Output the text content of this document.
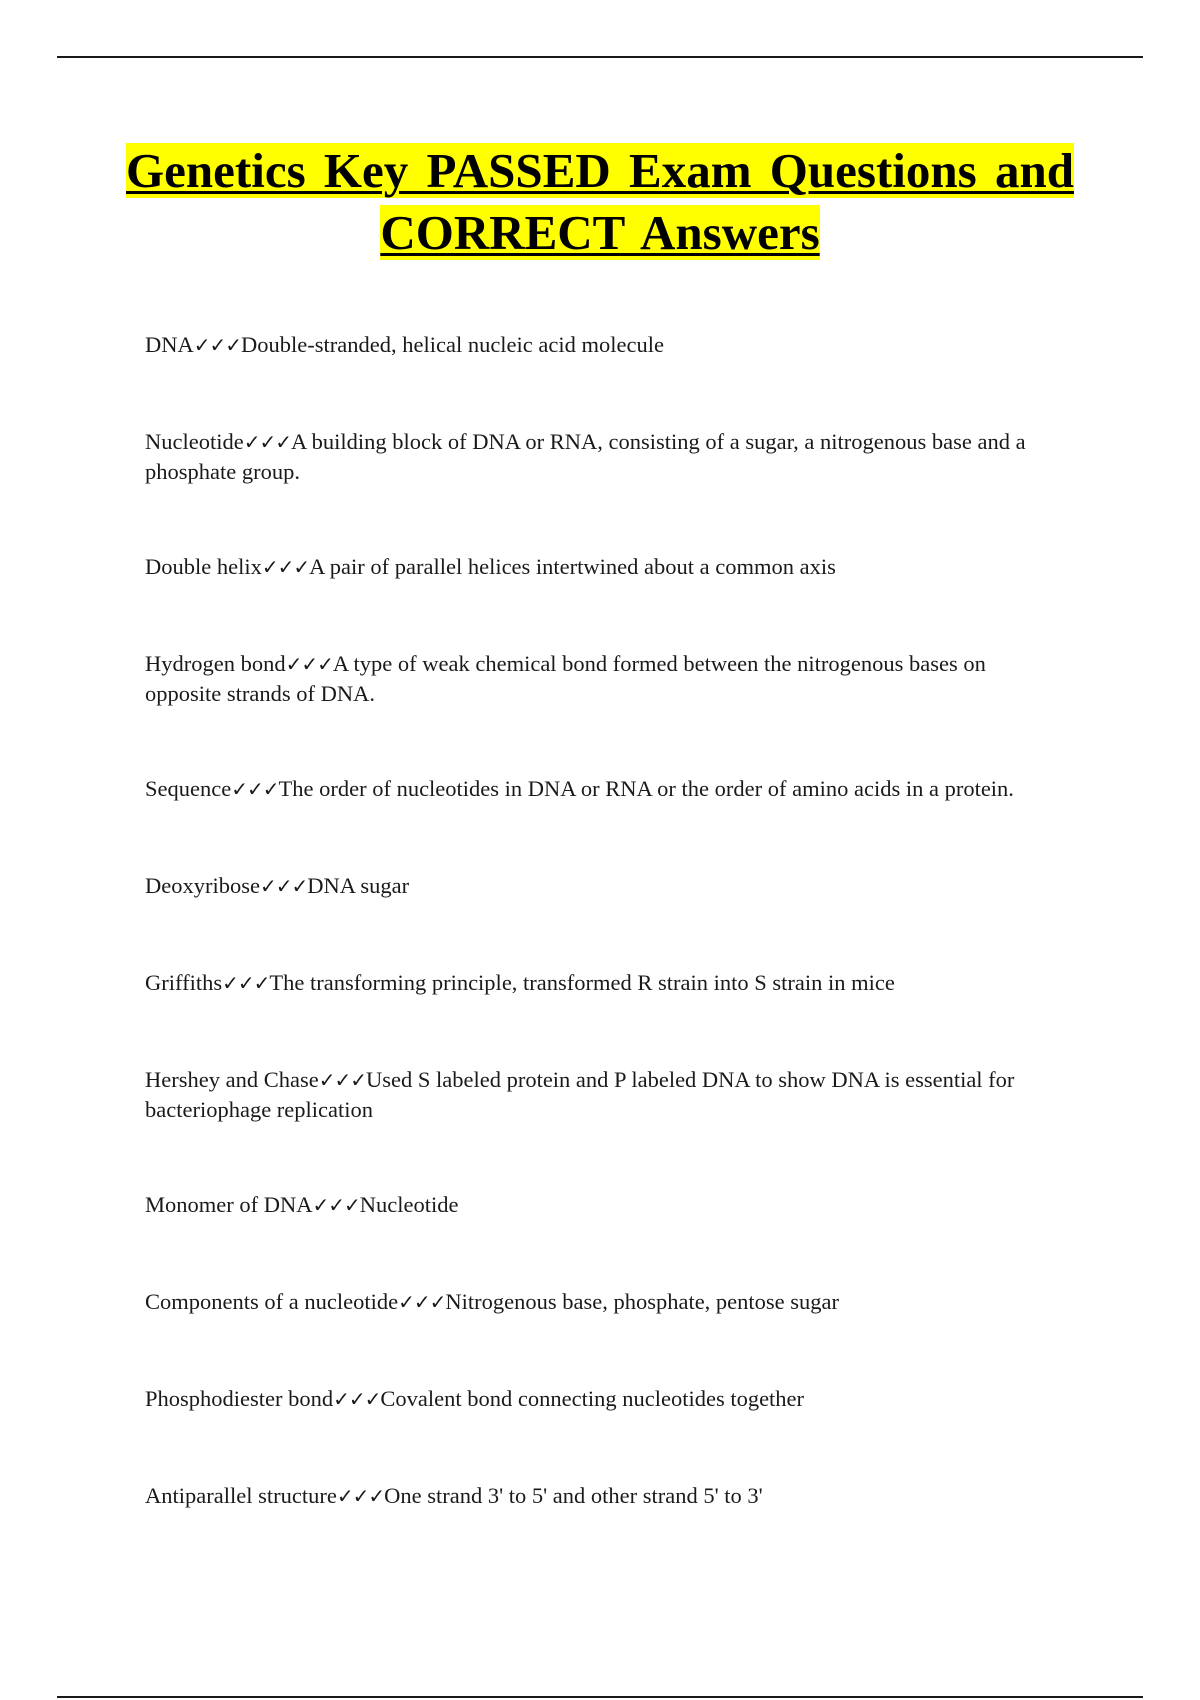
Genetics Key PASSED Exam Questions and CORRECT Answers
DNA✓✓✓Double-stranded, helical nucleic acid molecule
Nucleotide✓✓✓A building block of DNA or RNA, consisting of a sugar, a nitrogenous base and a phosphate group.
Double helix✓✓✓A pair of parallel helices intertwined about a common axis
Hydrogen bond✓✓✓A type of weak chemical bond formed between the nitrogenous bases on opposite strands of DNA.
Sequence✓✓✓The order of nucleotides in DNA or RNA or the order of amino acids in a protein.
Deoxyribose✓✓✓DNA sugar
Griffiths✓✓✓The transforming principle, transformed R strain into S strain in mice
Hershey and Chase✓✓✓Used S labeled protein and P labeled DNA to show DNA is essential for bacteriophage replication
Monomer of DNA✓✓✓Nucleotide
Components of a nucleotide✓✓✓Nitrogenous base, phosphate, pentose sugar
Phosphodiester bond✓✓✓Covalent bond connecting nucleotides together
Antiparallel structure✓✓✓One strand 3' to 5' and other strand 5' to 3'
